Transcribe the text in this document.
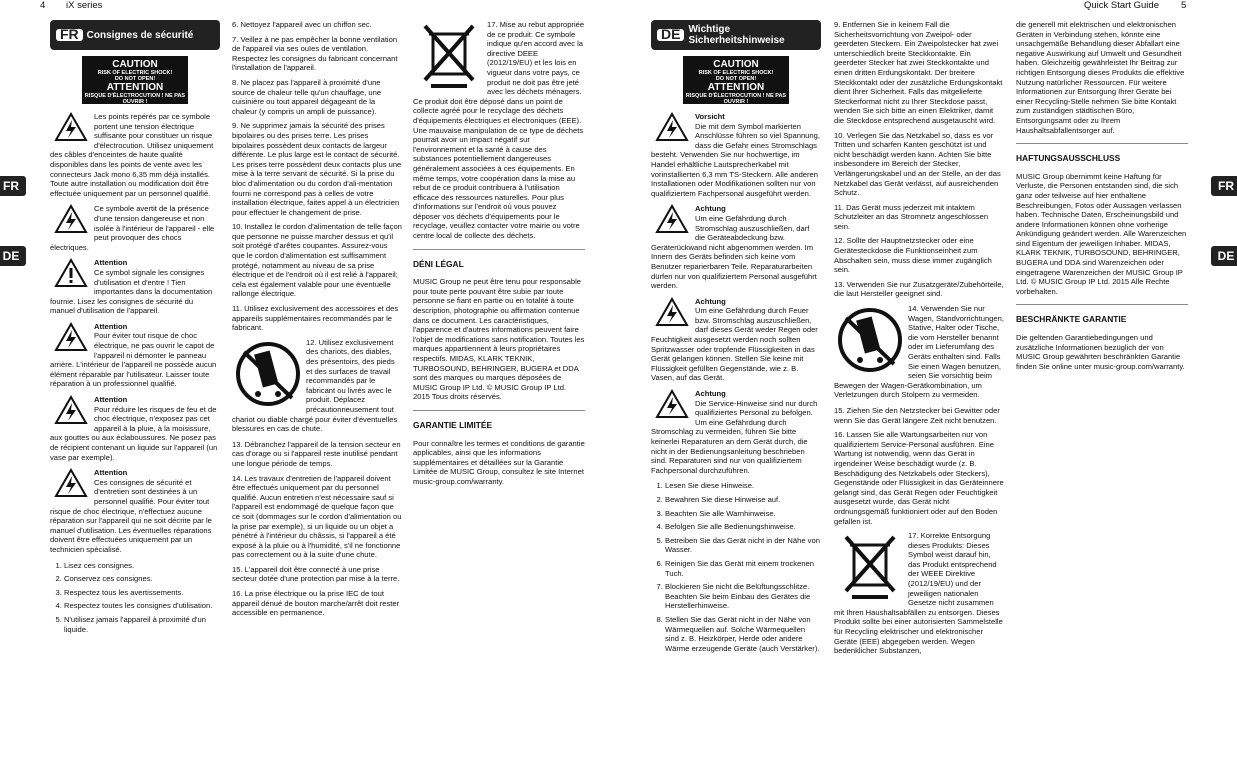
4 iX series	Quick Start Guide 5
FR
DE
FR
DE
FR Consignes de sécurité
CAUTION
RISK OF ELECTRIC SHOCK!
DO NOT OPEN!
ATTENTION
RISQUE D'ÉLECTROCUTION ! NE PAS OUVRIR !
Les points repérés par ce symbole portent une tension électrique suffisante pour constituer un risque d'électrocution. Utilisez uniquement des câbles d'enceintes de haute qualité disponibles dans les points de vente avec les connecteurs Jack mono 6,35 mm déjà installés. Toute autre installation ou modification doit être effectuée uniquement par un personnel qualifié.
Ce symbole avertit de la présence d'une tension dangereuse et non isolée à l'intérieur de l'appareil - elle peut provoquer des chocs électriques.
Attention
Ce symbol signale les consignes d'utilisation et d'entre ! Tien importantes dans la documentation fournie. Lisez les consignes de sécurité du manuel d'utilisation de l'appareil.
Attention
Pour éviter tout risque de choc électrique, ne pas ouvrir le capot de l'appareil ni démonter le panneau arrière. L'intérieur de l'appareil ne possède aucun élément réparable par l'utilisateur. Laisser toute réparation à un professionnel qualifié.
Attention
Pour réduire les risques de feu et de choc électrique, n'exposez pas cet appareil à la pluie, à la moisissure, aux gouttes ou aux éclaboussures. Ne posez pas de récipient contenant un liquide sur l'appareil (un vase par exemple).
Attention
Ces consignes de sécurité et d'entretien sont destinées à un personnel qualifié. Pour éviter tout risque de choc électrique, n'effectuez aucune réparation sur l'appareil qui ne soit décrite par le manuel d'utilisation. Les éventuelles réparations doivent être effectuées uniquement par un technicien spécialisé.
1. Lisez ces consignes.
2. Conservez ces consignes.
3. Respectez tous les avertissements.
4. Respectez toutes les consignes d'utilisation.
5. N'utilisez jamais l'appareil à proximité d'un liquide.

6. Nettoyez l'appareil avec un chiffon sec.

7. Veillez à ne pas empêcher la bonne ventilation de l'appareil via ses ouïes de ventilation. Respectez les consignes du fabricant concernant l'installation de l'appareil.

8. Ne placez pas l'appareil à proximité d'une source de chaleur telle qu'un chauffage, une cuisinière ou tout appareil dégageant de la chaleur (y compris un ampli de puissance).

9. Ne supprimez jamais la sécurité des prises bipolaires ou des prises terre. Les prises bipolaires possèdent deux contacts de largeur différente. Le plus large est le contact de sécurité. Les prises terre possèdent deux contacts plus une mise à la terre servant de sécurité. Si la prise du bloc d'alimentation ou du cordon d'ali-mentation fourni ne correspond pas à celles de votre installation électrique, faites appel à un électricien pour effectuer le changement de prise.

10. Installez le cordon d'alimentation de telle façon que personne ne puisse marcher dessus et qu'il soit protégé d'arêtes coupantes. Assurez-vous que le cordon d'alimentation est suffisamment protégé, notamment au niveau de sa prise électrique et de l'endroit où il est relié à l'appareil; cela est également valable pour une éventuelle rallonge électrique.

11. Utilisez exclusivement des accessoires et des appareils supplémentaires recommandés par le fabricant.

12. Utilisez exclusivement des chariots, des diables, des présentoirs, des pieds et des surfaces de travail recommandés par le fabricant ou livrés avec le produit. Déplacez précautionneusement tout chariot ou diable chargé pour éviter d'éventuelles blessures en cas de chute.

13. Débranchez l'appareil de la tension secteur en cas d'orage ou si l'appareil reste inutilisé pendant une longue période de temps.

14. Les travaux d'entretien de l'appareil doivent être effectués uniquement par du personnel qualifié. Aucun entretien n'est nécessaire sauf si l'appareil est endommagé de quelque façon que ce soit (dommages sur le cordon d'alimentation ou la prise par exemple), si un liquide ou un objet a pénétré à l'intérieur du châssis, si l'appareil a été exposé à la pluie ou à l'humidité, s'il ne fonctionne pas correctement ou à la suite d'une chute.

15. L'appareil doit être connecté à une prise secteur dotée d'une protection par mise à la terre.

16. La prise électrique ou la prise IEC de tout appareil dénué de bouton marche/arrêt doit rester accessible en permanence.

17. Mise au rebut appropriée de ce produit: Ce symbole indique qu'en accord avec la directive DEEE (2012/19/EU) et les lois en vigueur dans votre pays, ce produit ne doit pas être jeté avec les déchets ménagers. Ce produit doit être déposé dans un point de collecte agréé pour le recyclage des déchets d'équipements électriques et électroniques (EEE). Une mauvaise manipulation de ce type de déchets pourrait avoir un impact négatif sur l'environnement et la santé à cause des substances potentiellement dangereuses généralement associées à ces équipements. En même temps, votre coopération dans la mise au rebut de ce produit contribuera à l'utilisation efficace des ressources naturelles. Pour plus d'informations sur l'endroit où vous pouvez déposer vos déchets d'équipements pour le recyclage, veuillez contacter votre mairie ou votre centre local de collecte des déchets.
DÉNI LÉGAL

MUSIC Group ne peut être tenu pour responsable pour toute perte pouvant être subie par toute personne se fiant en partie ou en totalité à toute description, photographie ou affirmation contenue dans ce document. Les caractéristiques, l'apparence et d'autres informations peuvent faire l'objet de modifications sans notification. Toutes les marques appartiennent à leurs propriétaires respectifs. MIDAS, KLARK TEKNIK, TURBOSOUND, BEHRINGER, BUGERA et DDA sont des marques ou marques déposées de MUSIC Group IP Ltd. © MUSIC Group IP Ltd. 2015 Tous droits réservés.

GARANTIE LIMITÉE

Pour connaître les termes et conditions de garantie applicables, ainsi que les informations supplémentaires et détaillées sur la Garantie Limitée de MUSIC Group, consultez le site Internet music-group.com/warranty.

DE Wichtige
Sicherheitshinweise
CAUTION
RISK OF ELECTRIC SHOCK!
DO NOT OPEN!
ATTENTION
RISQUE D'ÉLECTROCUTION ! NE PAS OUVRIR !
Vorsicht
Die mit dem Symbol markierten Anschlüsse führen so viel Spannung, dass die Gefahr eines Stromschlags besteht. Verwenden Sie nur hochwertige, im Handel erhältliche Lautsprecherkabel mit vorinstallierten 6,3 mm TS-Steckern. Alle anderen Installationen oder Modifikationen sollten nur von qualifiziertem Fachpersonal ausgeführt werden.
Achtung
Um eine Gefährdung durch Stromschlag auszuschließen, darf die Geräteabdeckung bzw. Geräterückwand nicht abgenommen werden. Im Innern des Geräts befinden sich keine vom Benutzer reparierbaren Teile. Reparaturarbeiten dürfen nur von qualifiziertem Personal ausgeführt werden.
Achtung
Um eine Gefährdung durch Feuer bzw. Stromschlag auszuschließen, darf dieses Gerät weder Regen oder Feuchtigkeit ausgesetzt werden noch sollten Spritzwasser oder tropfende Flüssigkeiten in das Gerät gelangen können. Stellen Sie keine mit Flüssigkeit gefüllten Gegenstände, wie z. B. Vasen, auf das Gerät.
Achtung
Die Service-Hinweise sind nur durch qualifiziertes Personal zu befolgen. Um eine Gefährdung durch Stromschlag zu vermeiden, führen Sie bitte keinerlei Reparaturen an dem Gerät durch, die nicht in der Bedienungsanleitung beschrieben sind. Reparaturen sind nur von qualifiziertem Fachpersonal durchzuführen.
1. Lesen Sie diese Hinweise.
2. Bewahren Sie diese Hinweise auf.
3. Beachten Sie alle Warnhinweise.
4. Befolgen Sie alle Bedienungshinweise.
5. Betreiben Sie das Gerät nicht in der Nähe von Wasser.
6. Reinigen Sie das Gerät mit einem trockenen Tuch.
7. Blockieren Sie nicht die Belüftungsschlitze. Beachten Sie beim Einbau des Gerätes die Herstellerhinweise.
8. Stellen Sie das Gerät nicht in der Nähe von Wärmequellen auf. Solche Wärmequellen sind z. B. Heizkörper, Herde oder andere Wärme erzeugende Geräte (auch Verstärker).

9. Entfernen Sie in keinem Fall die Sicherheitsvorrichtung von Zweipol- oder geerdeten Steckern. Ein Zweipolstecker hat zwei unterschiedlich breite Steckkontakte. Ein geerdeter Stecker hat zwei Steckkontakte und einen dritten Erdungskontakt. Der breitere Steckkontakt oder der zusätzliche Erdungskontakt dient Ihrer Sicherheit. Falls das mitgelieferte Steckerformat nicht zu Ihrer Steckdose passt, wenden Sie sich bitte an einen Elektriker, damit die Steckdose entsprechend ausgetauscht wird.

10. Verlegen Sie das Netzkabel so, dass es vor Tritten und scharfen Kanten geschützt ist und nicht beschädigt werden kann. Achten Sie bitte insbesondere im Bereich der Stecker, Verlängerungskabel und an der Stelle, an der das Netzkabel das Gerät verlässt, auf ausreichenden Schutz.

11. Das Gerät muss jederzeit mit intaktem Schutzleiter an das Stromnetz angeschlossen sein.

12. Sollte der Hauptnetzstecker oder eine Gerätesteckdose die Funktionseinheit zum Abschalten sein, muss diese immer zugänglich sein.

13. Verwenden Sie nur Zusatzgeräte/Zubehörteile, die laut Hersteller geeignet sind.

14. Verwenden Sie nur Wagen, Standvorrichtungen, Stative, Halter oder Tische, die vom Hersteller benannt oder im Lieferumfang des Geräts enthalten sind. Falls Sie einen Wagen benutzen, seien Sie vorsichtig beim Bewegen der Wagen-Gerätkombination, um Verletzungen durch Stolpern zu vermeiden.

15. Ziehen Sie den Netzstecker bei Gewitter oder wenn Sie das Gerät längere Zeit nicht benutzen.

16. Lassen Sie alle Wartungsarbeiten nur von qualifiziertem Service-Personal ausführen. Eine Wartung ist notwendig, wenn das Gerät in irgendeiner Weise beschädigt wurde (z. B. Beschädigung des Netzkabels oder Steckers), Gegenstände oder Flüssigkeit in das Geräteinnere gelangt sind, das Gerät Regen oder Feuchtigkeit ausgesetzt wurde, das Gerät nicht ordnungsgemäß funktioniert oder auf den Boden gefallen ist.

17. Korrekte Entsorgung dieses Produkts: Dieses Symbol weist darauf hin, das Produkt entsprechend der WEEE Direktive (2012/19/EU) und der jeweiligen nationalen Gesetze nicht zusammen mit Ihren Haushaltsabfällen zu entsorgen. Dieses Produkt sollte bei einer autorisierten Sammelstelle für Recycling elektrischer und elektronischer Geräte (EEE) abgegeben werden. Wegen bedenklicher Substanzen,

die generell mit elektrischen und elektronischen Geräten in Verbindung stehen, könnte eine unsachgemäße Behandlung dieser Abfallart eine negative Auswirkung auf Umwelt und Gesundheit haben. Gleichzeitig gewährleistet Ihr Beitrag zur richtigen Entsorgung dieses Produkts die effektive Nutzung natürlicher Ressourcen. Für weitere Informationen zur Entsorgung Ihrer Geräte bei einer Recycling-Stelle nehmen Sie bitte Kontakt zum zuständigen städtischen Büro, Entsorgungsamt oder zu Ihrem Haushaltsabfallentsorger auf.

HAFTUNGSAUSSCHLUSS

MUSIC Group übernimmt keine Haftung für Verluste, die Personen entstanden sind, die sich ganz oder teilweise auf hier enthaltene Beschreibungen, Fotos oder Aussagen verlassen haben. Technische Daten, Erscheinungsbild und andere Informationen können ohne vorherige Ankündigung geändert werden. Alle Warenzeichen sind Eigentum der jeweiligen Inhaber. MIDAS, KLARK TEKNIK, TURBOSOUND, BEHRINGER, BUGERA und DDA sind Warenzeichen oder eingetragene Warenzeichen der MUSIC Group IP Ltd. © MUSIC Group IP Ltd. 2015 Alle Rechte vorbehalten.

BESCHRÄNKTE GARANTIE

Die geltenden Garantiebedingungen und zusätzliche Informationen bezüglich der von MUSIC Group gewährten beschränkten Garantie finden Sie online unter music-group.com/warranty.
